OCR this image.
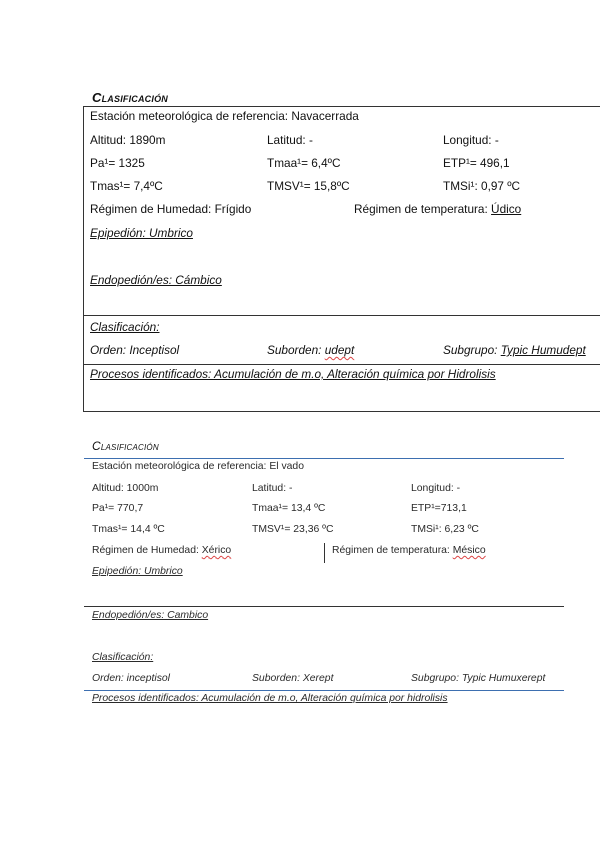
Clasificación
Estación meteorológica de referencia: Navacerrada
Altitud: 1890m	Latitud: -	Longitud: -
Pa¹= 1325	Tmaa¹= 6,4ºC	ETP¹= 496,1
Tmas¹= 7,4ºC	TMSV¹= 15,8ºC	TMSi¹: 0,97 ºC
Régimen de Humedad: Frígido	Régimen de temperatura: Údico
Epipedión: Umbrico
Endopedión/es: Cámbico
Clasificación:
Orden: Inceptisol	Suborden: udept	Subgrupo: Typic Humudept
Procesos identificados: Acumulación de m.o, Alteración química por Hidrolisis
Clasificación
Estación meteorológica de referencia: El vado
Altitud: 1000m	Latitud: -	Longitud: -
Pa¹= 770,7	Tmaa¹= 13,4 ºC	ETP¹=713,1
Tmas¹= 14,4 ºC	TMSV¹= 23,36 ºC	TMSi¹: 6,23 ºC
Régimen de Humedad: Xérico	Régimen de temperatura: Mésico
Epipedión: Umbrico
Endopedión/es: Cambico
Clasificación:
Orden: inceptisol	Suborden: Xerept	Subgrupo: Typic Humuxerept
Procesos identificados: Acumulación de m.o, Alteración química por hidrolisis
